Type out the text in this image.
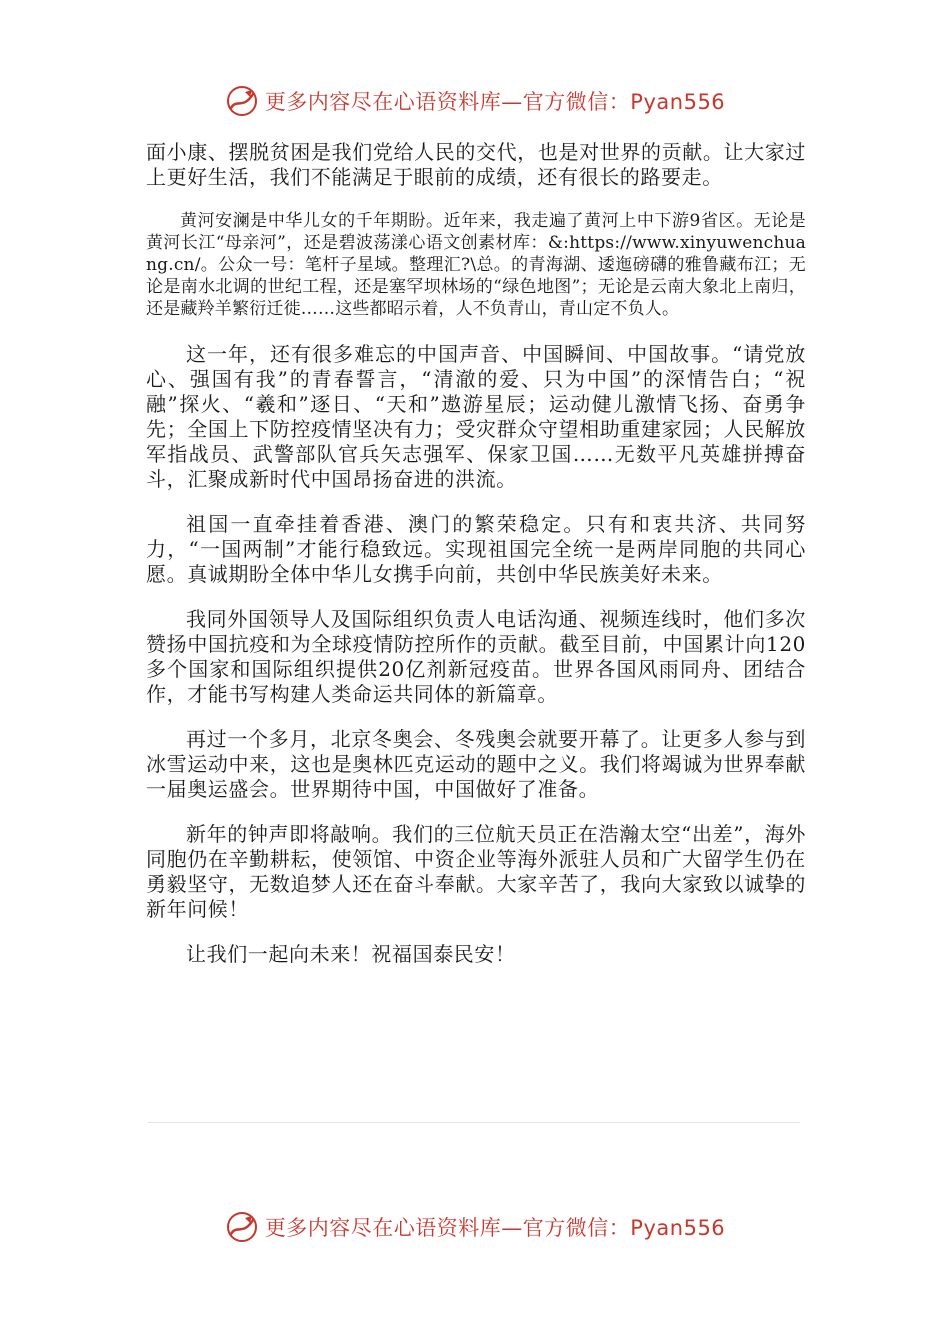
更多内容尽在心语资料库—官方微信：Pyan556

面小康、摆脱贫困是我们党给人民的交代，也是对世界的贡献。让大家过上更好生活，我们不能满足于眼前的成绩，还有很长的路要走。

黄河安澜是中华儿女的千年期盼。近年来，我走遍了黄河上中下游9省区。无论是黄河长江“母亲河”，还是碧波荡漾心语文创素材库：&:https://www.xinyuwenchuang.cn/。公众一号：笔杆子星域。整理汇?\总。的青海湖、逶迤磅礴的雅鲁藏布江；无论是南水北调的世纪工程，还是塞罕坝林场的“绿色地图”；无论是云南大象北上南归，还是藏羚羊繁衍迁徙……这些都昭示着，人不负青山，青山定不负人。

这一年，还有很多难忘的中国声音、中国瞬间、中国故事。“请党放心、强国有我”的青春誓言，“清澈的爱、只为中国”的深情告白；“祝融”探火、“羲和”逐日、“天和”遨游星辰；运动健儿激情飞扬、奋勇争先；全国上下防控疫情坚决有力；受灾群众守望相助重建家园；人民解放军指战员、武警部队官兵矢志强军、保家卫国……无数平凡英雄拼搏奋斗，汇聚成新时代中国昂扬奋进的洪流。

祖国一直牵挂着香港、澳门的繁荣稳定。只有和衷共济、共同努力，“一国两制”才能行稳致远。实现祖国完全统一是两岸同胞的共同心愿。真诚期盼全体中华儿女携手向前，共创中华民族美好未来。

我同外国领导人及国际组织负责人电话沟通、视频连线时，他们多次赞扬中国抗疫和为全球疫情防控所作的贡献。截至目前，中国累计向120多个国家和国际组织提供20亿剂新冠疫苗。世界各国风雨同舟、团结合作，才能书写构建人类命运共同体的新篇章。

再过一个多月，北京冬奥会、冬残奥会就要开幕了。让更多人参与到冰雪运动中来，这也是奥林匹克运动的题中之义。我们将竭诚为世界奉献一届奥运盛会。世界期待中国，中国做好了准备。

新年的钟声即将敲响。我们的三位航天员正在浩瀚太空“出差”，海外同胞仍在辛勤耕耘，使领馆、中资企业等海外派驻人员和广大留学生仍在勇毅坚守，无数追梦人还在奋斗奉献。大家辛苦了，我向大家致以诚挚的新年问候！

让我们一起向未来！祝福国泰民安！

更多内容尽在心语资料库—官方微信：Pyan556
